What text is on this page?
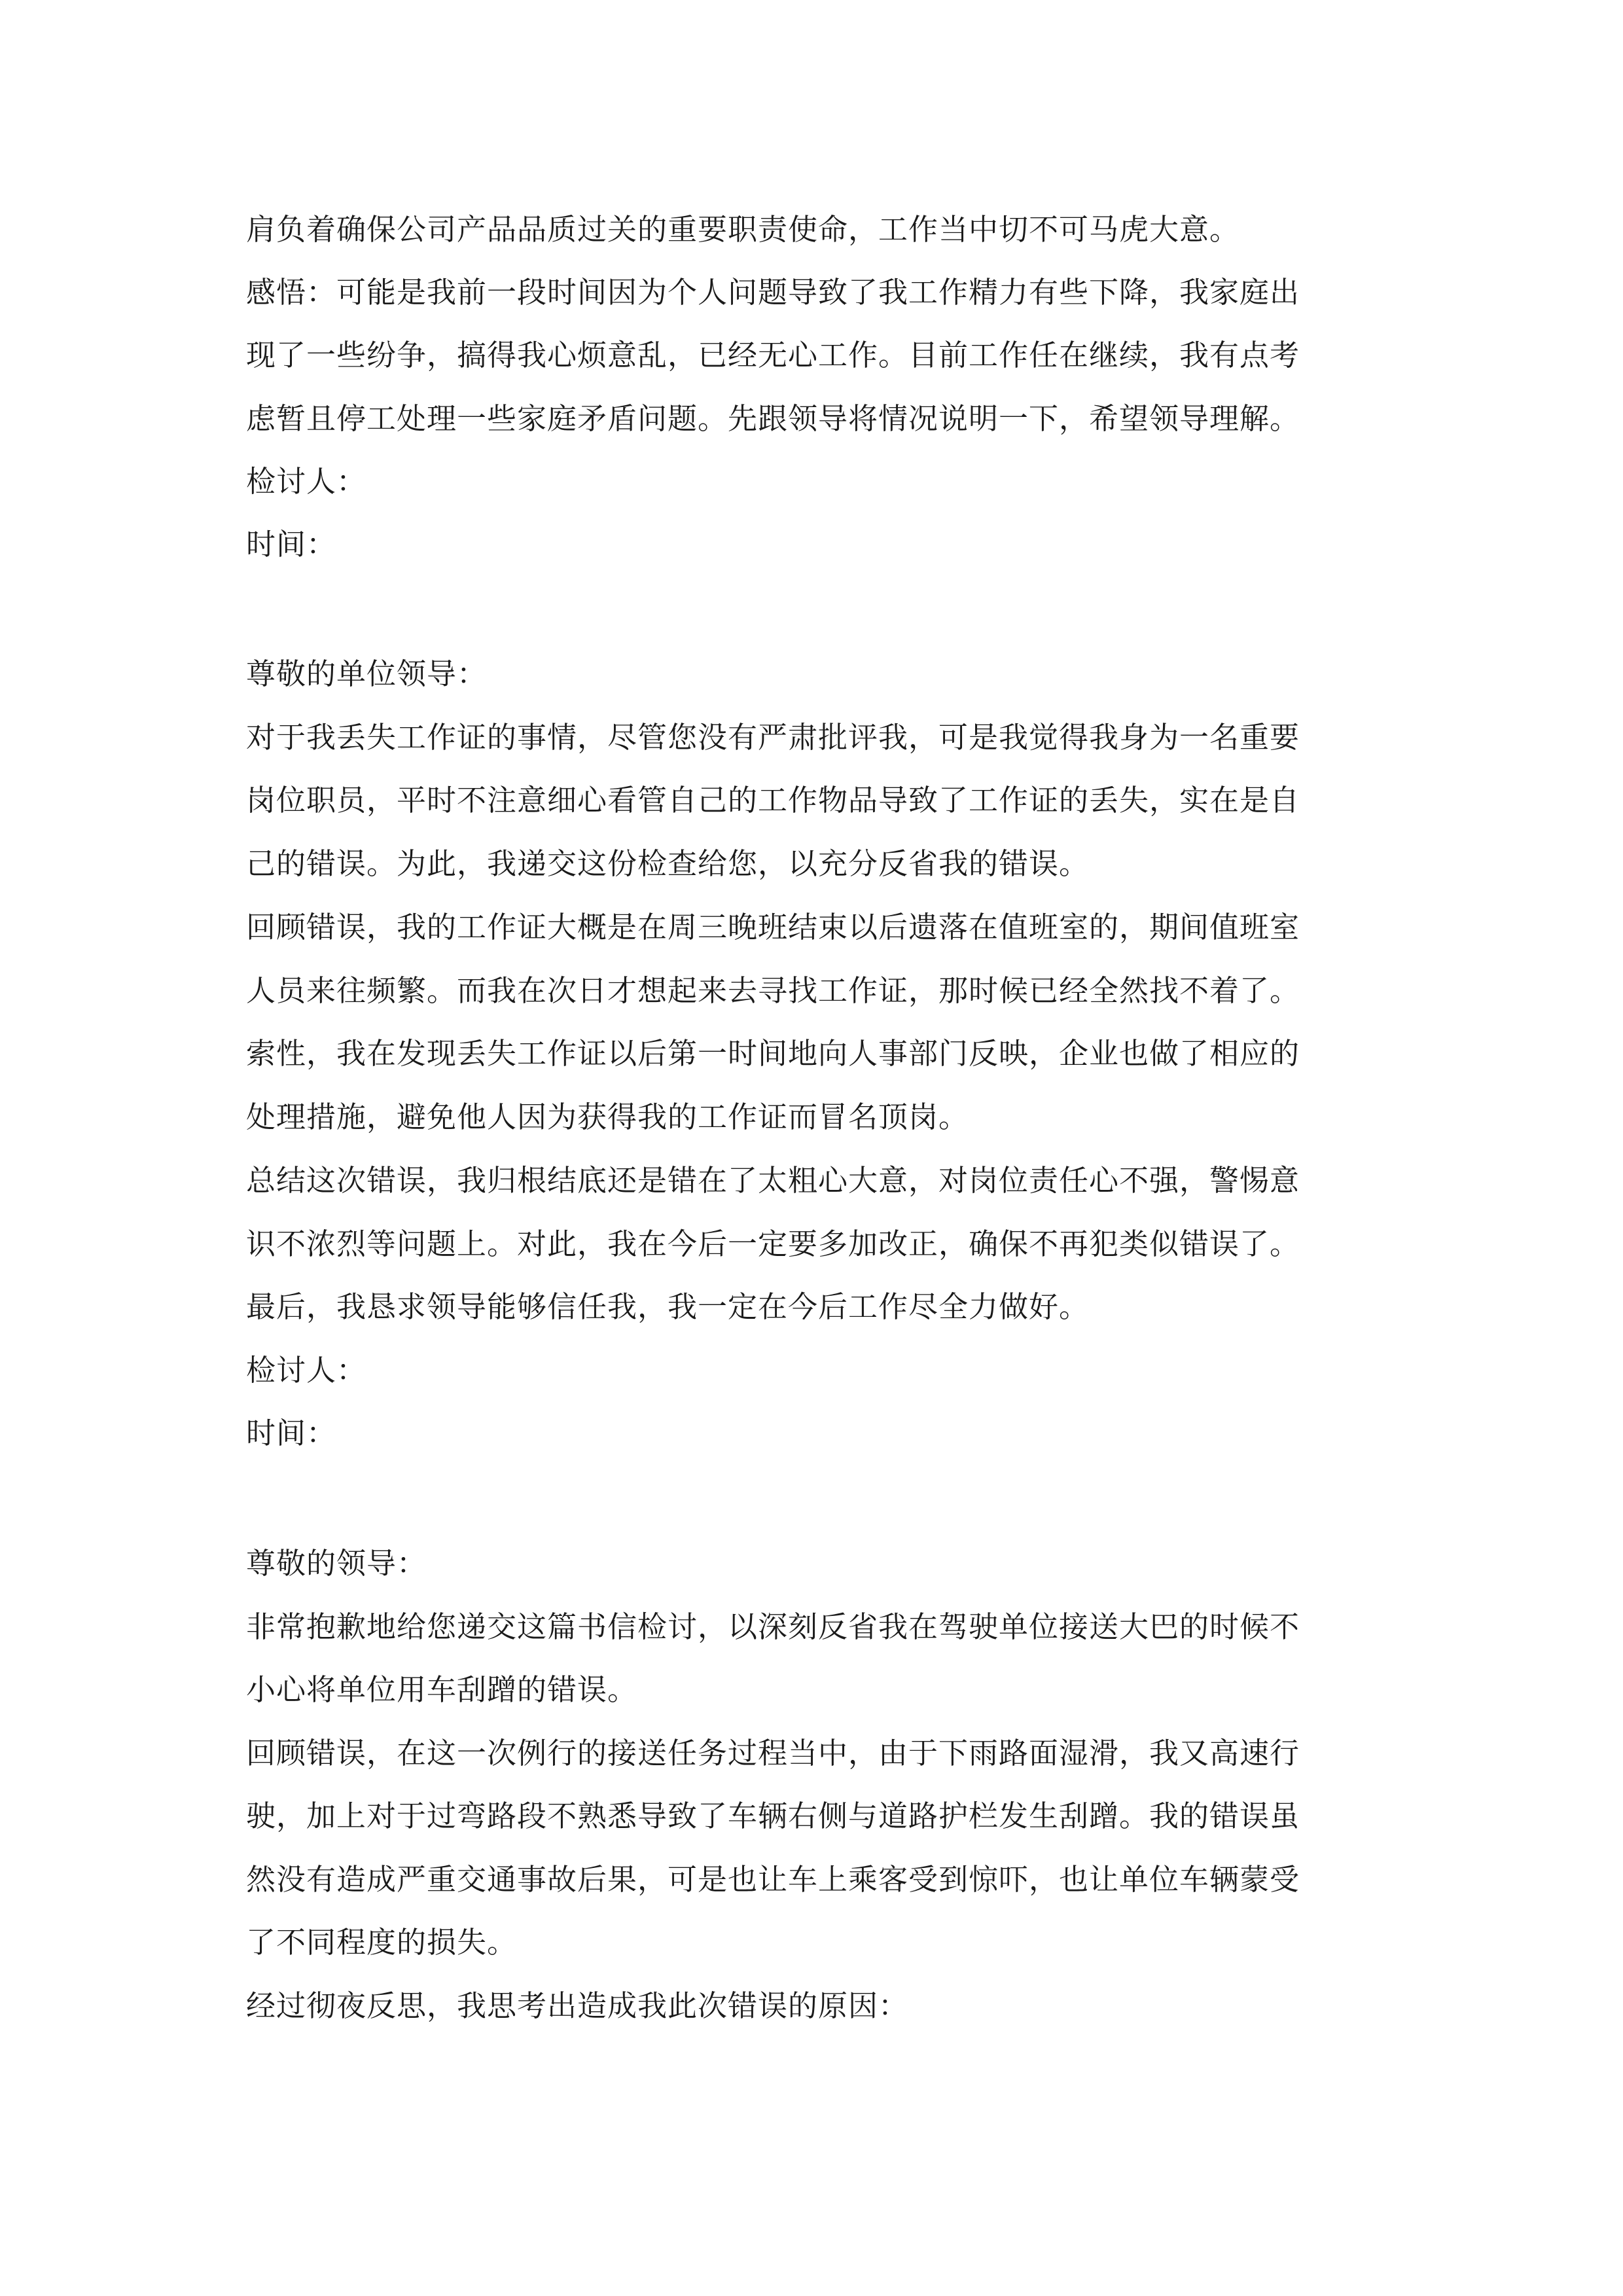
肩负着确保公司产品品质过关的重要职责使命，工作当中切不可马虎大意。
感悟：可能是我前一段时间因为个人问题导致了我工作精力有些下降，我家庭出
现了一些纷争，搞得我心烦意乱，已经无心工作。目前工作任在继续，我有点考
虑暂且停工处理一些家庭矛盾问题。先跟领导将情况说明一下，希望领导理解。
检讨人：
时间：
尊敬的单位领导：
对于我丢失工作证的事情，尽管您没有严肃批评我，可是我觉得我身为一名重要
岗位职员，平时不注意细心看管自己的工作物品导致了工作证的丢失，实在是自
己的错误。为此，我递交这份检查给您，以充分反省我的错误。
回顾错误，我的工作证大概是在周三晚班结束以后遗落在值班室的，期间值班室
人员来往频繁。而我在次日才想起来去寻找工作证，那时候已经全然找不着了。
索性，我在发现丢失工作证以后第一时间地向人事部门反映，企业也做了相应的
处理措施，避免他人因为获得我的工作证而冒名顶岗。
总结这次错误，我归根结底还是错在了太粗心大意，对岗位责任心不强，警惕意
识不浓烈等问题上。对此，我在今后一定要多加改正，确保不再犯类似错误了。
最后，我恳求领导能够信任我，我一定在今后工作尽全力做好。
检讨人：
时间：
尊敬的领导：
非常抱歉地给您递交这篇书信检讨，以深刻反省我在驾驶单位接送大巴的时候不
小心将单位用车刮蹭的错误。
回顾错误，在这一次例行的接送任务过程当中，由于下雨路面湿滑，我又高速行
驶，加上对于过弯路段不熟悉导致了车辆右侧与道路护栏发生刮蹭。我的错误虽
然没有造成严重交通事故后果，可是也让车上乘客受到惊吓，也让单位车辆蒙受
了不同程度的损失。
经过彻夜反思，我思考出造成我此次错误的原因：
